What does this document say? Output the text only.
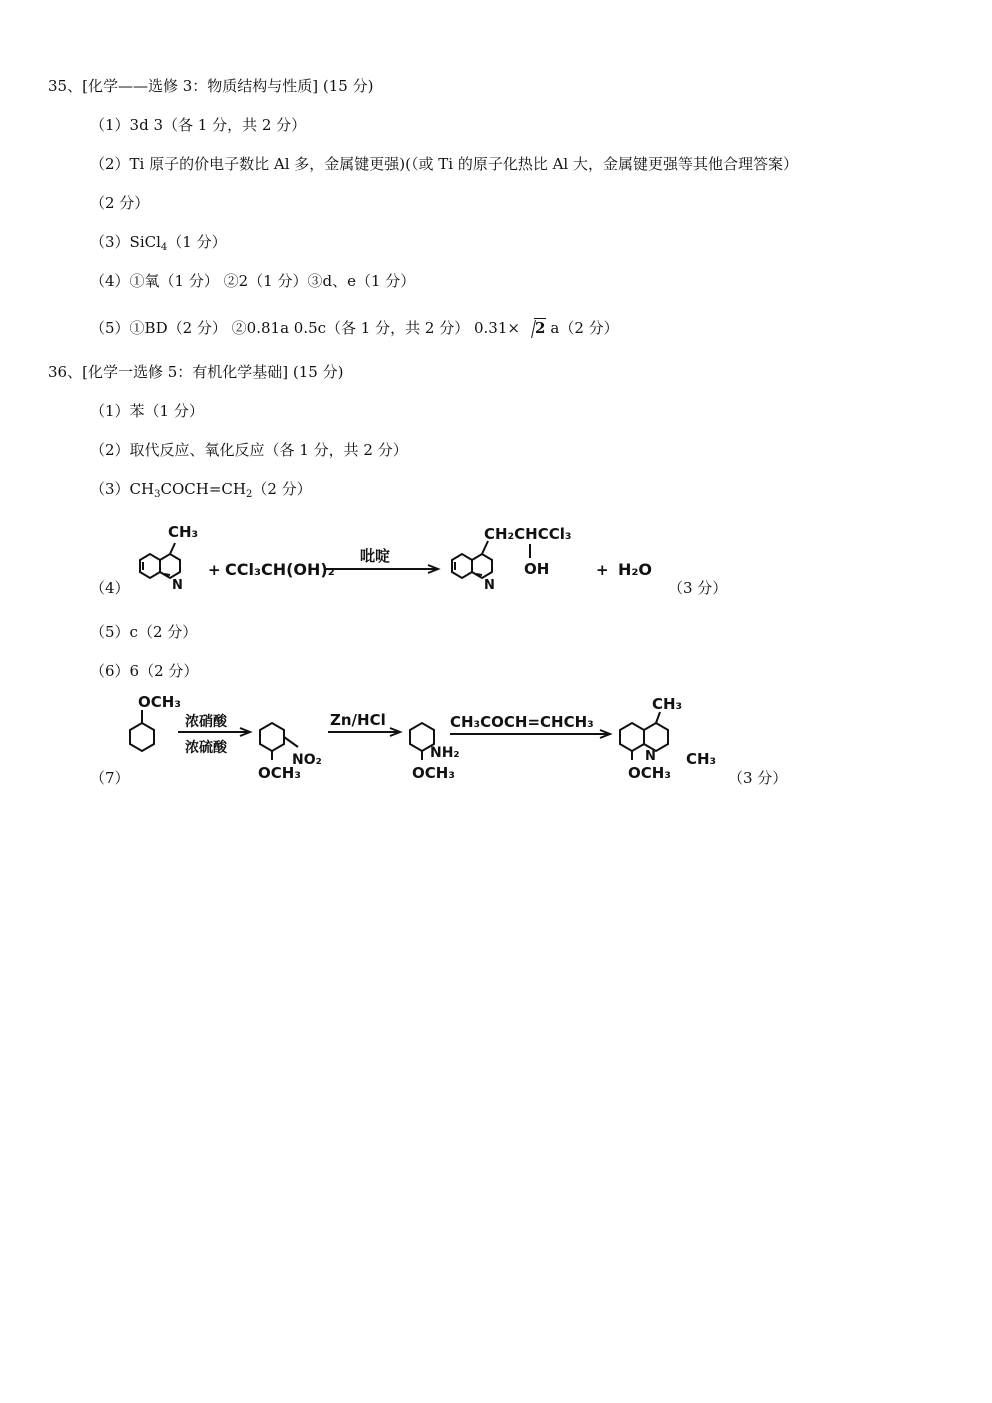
35、[化学——选修 3：物质结构与性质] (15 分)
（1）3d 3（各 1 分，共 2 分）
（2）Ti 原子的价电子数比 Al 多，金属键更强)(（或 Ti 的原子化热比 Al 大，金属键更强等其他合理答案）
（2 分）
（3）SiCl$_4$（1 分）
（4）①氧（1 分） ②2（1 分）③d、e（1 分）
（5）①BD（2 分） ②0.81a 0.5c（各 1 分，共 2 分） 0.31× 2 a（2 分）
36、[化学一选修 5：有机化学基础] (15 分)
（1）苯（1 分）
（2）取代反应、氧化反应（各 1 分，共 2 分）
$(3)CH_3COCH=CH_2(2$ 分）
（4）
CH₃
N
+ CCl₃CH(OH)₂
吡啶
CH₂CHCCl₃
OH
N
+ H₂O
（3 分）
（5）c（2 分）
（6）6（2 分）
（7）
OCH₃
浓硝酸
浓硫酸
NO₂
OCH₃
Zn/HCl
NH₂
OCH₃
CH₃COCH=CHCH₃
CH₃
N CH₃
OCH₃	（3 分）
